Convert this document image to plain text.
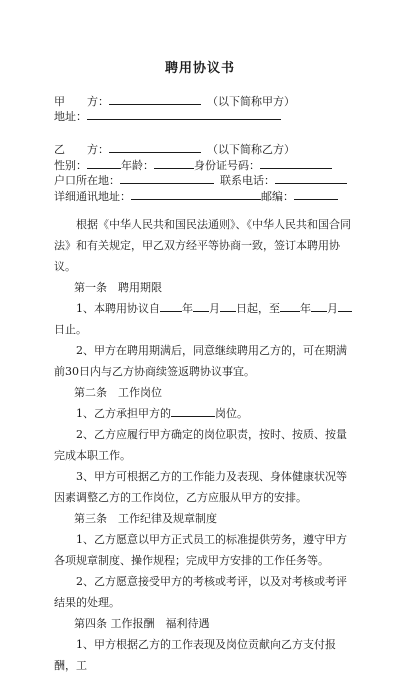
聘用协议书
甲　　方：	（以下简称甲方）
地址：
乙　　方：	（以下简称乙方）
性别：	年龄：	身份证号码：
户口所在地：	联系电话：
详细通讯地址：	邮编：
根据《中华人民共和国民法通则》、《中华人民共和国合同法》和有关规定，甲乙双方经平等协商一致，签订本聘用协议。
第一条　聘用期限
1、本聘用协议自 年 月 日起，至 年 月日止。
2、甲方在聘用期满后，同意继续聘用乙方的，可在期满前30日内与乙方协商续签返聘协议事宜。
第二条　工作岗位
1、乙方承担甲方的	岗位。
2、乙方应履行甲方确定的岗位职责，按时、按质、按量完成本职工作。
3、甲方可根据乙方的工作能力及表现、身体健康状况等因素调整乙方的工作岗位，乙方应服从甲方的安排。
第三条　工作纪律及规章制度
1、乙方愿意以甲方正式员工的标准提供劳务，遵守甲方各项规章制度、操作规程；完成甲方安排的工作任务等。
2、乙方愿意接受甲方的考核或考评，以及对考核或考评结果的处理。
第四条 工作报酬　福利待遇
1、甲方根据乙方的工作表现及岗位贡献向乙方支付报酬，工
